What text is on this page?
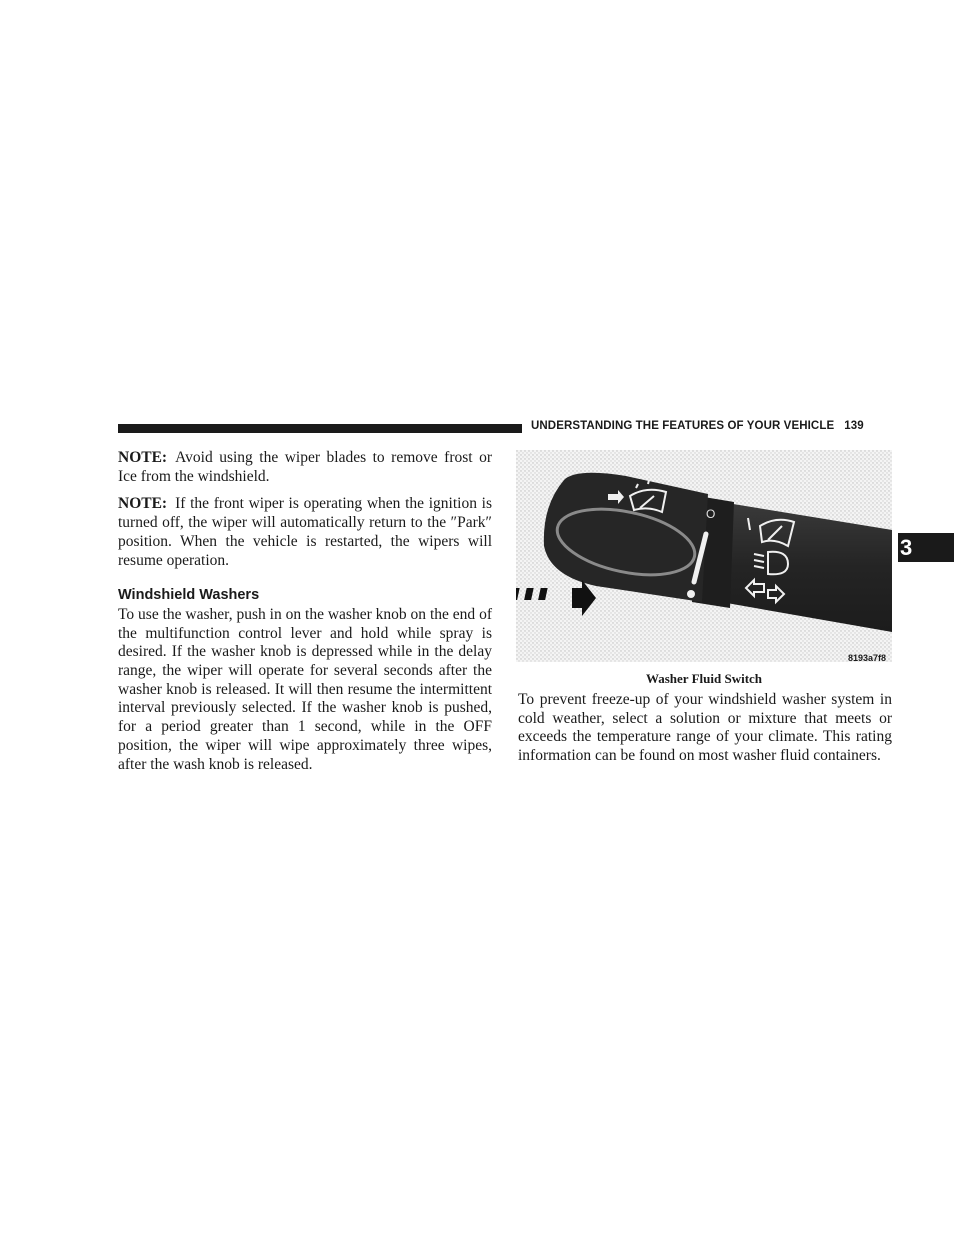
UNDERSTANDING THE FEATURES OF YOUR VEHICLE 139
3

NOTE: Avoid using the wiper blades to remove frost or Ice from the windshield.

NOTE: If the front wiper is operating when the ignition is turned off, the wiper will automatically return to the ″Park″ position. When the vehicle is restarted, the wipers will resume operation.

Windshield Washers

To use the washer, push in on the washer knob on the end of the multifunction control lever and hold while spray is desired. If the washer knob is depressed while in the delay range, the wiper will operate for several seconds after the washer knob is released. It will then resume the intermittent interval previously selected. If the washer knob is pushed, for a period greater than 1 second, while in the OFF position, the wiper will wipe approximately three wipes, after the wash knob is released.

O
8193a7f8
Washer Fluid Switch

To prevent freeze-up of your windshield washer system in cold weather, select a solution or mixture that meets or exceeds the temperature range of your climate. This rating information can be found on most washer fluid containers.
